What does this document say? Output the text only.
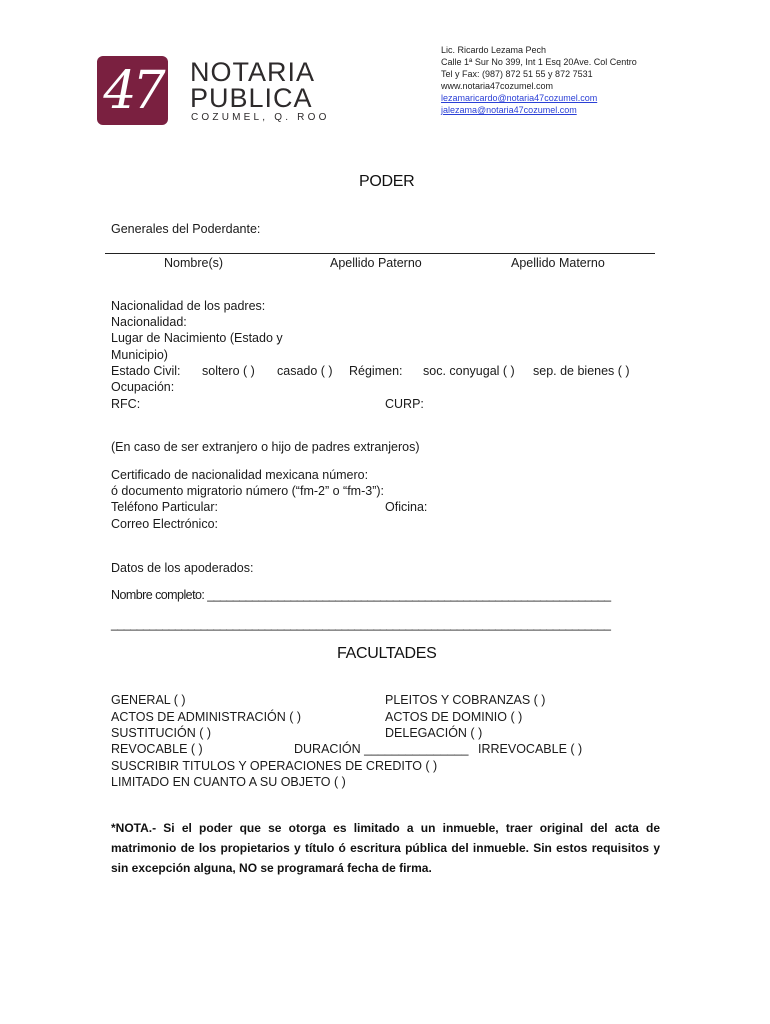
47 NOTARIA
PUBLICA
COZUMEL, Q. ROO
Lic. Ricardo Lezama Pech
Calle 1ª Sur No 399, Int 1 Esq 20Ave. Col Centro
Tel y Fax: (987) 872 51 55 y 872 7531
www.notaria47cozumel.com
lezamaricardo@notaria47cozumel.com
jalezama@notaria47cozumel.com
PODER
Generales del Poderdante:
Nombre(s)	Apellido Paterno	Apellido Materno
Nacionalidad de los padres:
Nacionalidad:
Lugar de Nacimiento (Estado y
Municipio)
Estado Civil: soltero ( ) casado ( ) Régimen: soc. conyugal ( ) sep. de bienes ( )
Ocupación:
RFC:	CURP:
(En caso de ser extranjero o hijo de padres extranjeros)
Certificado de nacionalidad mexicana número:
ó documento migratorio número (“fm-2” o “fm-3”):
Teléfono Particular:	Oficina:
Correo Electrónico:
Datos de los apoderados:
Nombre completo: _______________________________________________________________
______________________________________________________________________________
FACULTADES
GENERAL ( )	PLEITOS Y COBRANZAS ( )
ACTOS DE ADMINISTRACIÓN ( )	ACTOS DE DOMINIO ( )
SUSTITUCIÓN ( )	DELEGACIÓN ( )
REVOCABLE ( )	DURACIÓN _______________ IRREVOCABLE ( )
SUSCRIBIR TITULOS Y OPERACIONES DE CREDITO ( )
LIMITADO EN CUANTO A SU OBJETO ( )
*NOTA.- Si el poder que se otorga es limitado a un inmueble, traer original del acta de matrimonio de los propietarios y título ó escritura pública del inmueble. Sin estos requisitos y sin excepción alguna, NO se programará fecha de firma.
